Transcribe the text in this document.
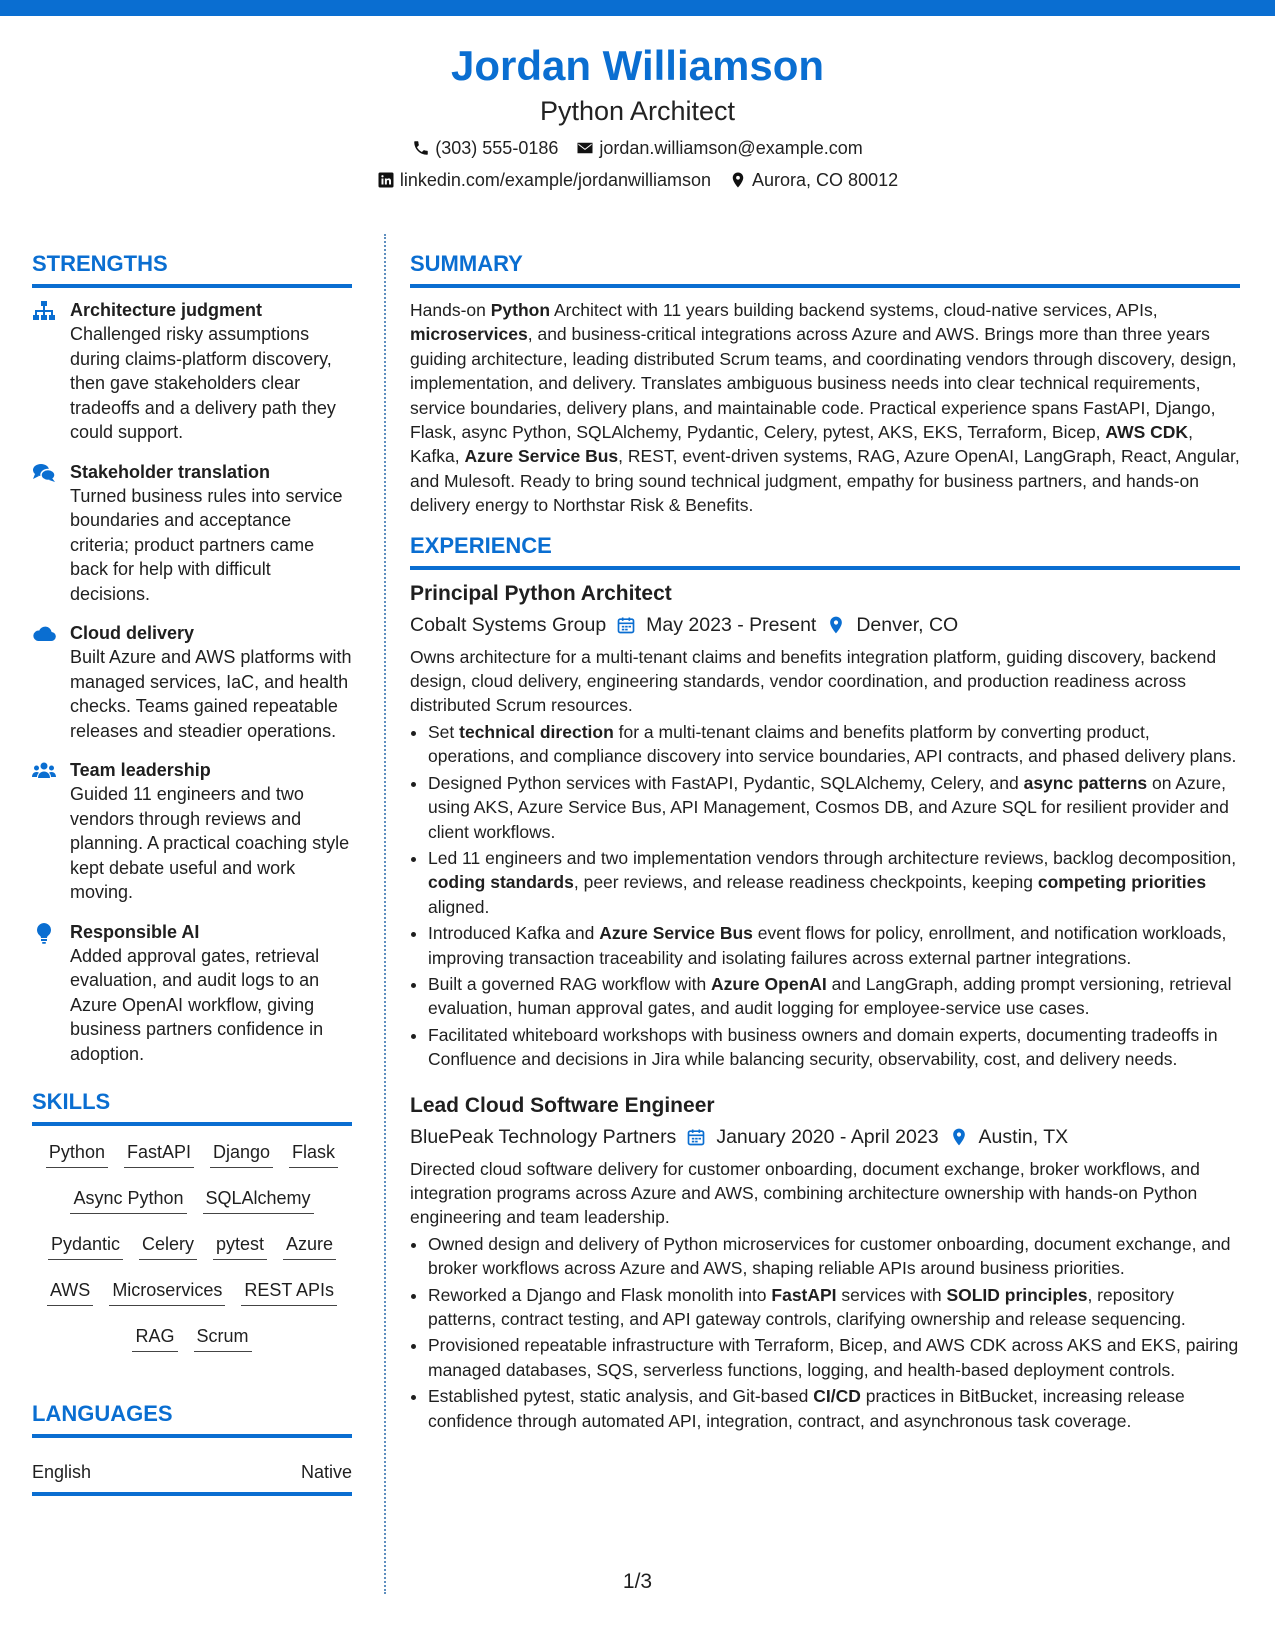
Jordan Williamson
Python Architect
(303) 555-0186 jordan.williamson@example.com
linkedin.com/example/jordanwilliamson Aurora, CO 80012
STRENGTHS
Architecture judgment
Challenged risky assumptions during claims-platform discovery, then gave stakeholders clear tradeoffs and a delivery path they could support.
Stakeholder translation
Turned business rules into service boundaries and acceptance criteria; product partners came back for help with difficult decisions.
Cloud delivery
Built Azure and AWS platforms with managed services, IaC, and health checks. Teams gained repeatable releases and steadier operations.
Team leadership
Guided 11 engineers and two vendors through reviews and planning. A practical coaching style kept debate useful and work moving.
Responsible AI
Added approval gates, retrieval evaluation, and audit logs to an Azure OpenAI workflow, giving business partners confidence in adoption.
SKILLS
Python FastAPI Django Flask
Async Python SQLAlchemy
Pydantic Celery pytest Azure
AWS Microservices REST APIs
RAG Scrum
LANGUAGES
English	Native
SUMMARY

Hands-on Python Architect with 11 years building backend systems, cloud-native services, APIs, microservices, and business-critical integrations across Azure and AWS. Brings more than three years guiding architecture, leading distributed Scrum teams, and coordinating vendors through discovery, design, implementation, and delivery. Translates ambiguous business needs into clear technical requirements, service boundaries, delivery plans, and maintainable code. Practical experience spans FastAPI, Django, Flask, async Python, SQLAlchemy, Pydantic, Celery, pytest, AKS, EKS, Terraform, Bicep, AWS CDK, Kafka, Azure Service Bus, REST, event-driven systems, RAG, Azure OpenAI, LangGraph, React, Angular, and Mulesoft. Ready to bring sound technical judgment, empathy for business partners, and hands-on delivery energy to Northstar Risk & Benefits.

EXPERIENCE
Principal Python Architect
Cobalt Systems Group May 2023 - Present Denver, CO

Owns architecture for a multi-tenant claims and benefits integration platform, guiding discovery, backend design, cloud delivery, engineering standards, vendor coordination, and production readiness across distributed Scrum resources.

• Set technical direction for a multi-tenant claims and benefits platform by converting product, operations, and compliance discovery into service boundaries, API contracts, and phased delivery plans.
• Designed Python services with FastAPI, Pydantic, SQLAlchemy, Celery, and async patterns on Azure, using AKS, Azure Service Bus, API Management, Cosmos DB, and Azure SQL for resilient provider and client workflows.
• Led 11 engineers and two implementation vendors through architecture reviews, backlog decomposition, coding standards, peer reviews, and release readiness checkpoints, keeping competing priorities aligned.
• Introduced Kafka and Azure Service Bus event flows for policy, enrollment, and notification workloads, improving transaction traceability and isolating failures across external partner integrations.
• Built a governed RAG workflow with Azure OpenAI and LangGraph, adding prompt versioning, retrieval evaluation, human approval gates, and audit logging for employee-service use cases.
• Facilitated whiteboard workshops with business owners and domain experts, documenting tradeoffs in Confluence and decisions in Jira while balancing security, observability, cost, and delivery needs.
Lead Cloud Software Engineer
BluePeak Technology Partners January 2020 - April 2023 Austin, TX

Directed cloud software delivery for customer onboarding, document exchange, broker workflows, and integration programs across Azure and AWS, combining architecture ownership with hands-on Python engineering and team leadership.

• Owned design and delivery of Python microservices for customer onboarding, document exchange, and broker workflows across Azure and AWS, shaping reliable APIs around business priorities.
• Reworked a Django and Flask monolith into FastAPI services with SOLID principles, repository patterns, contract testing, and API gateway controls, clarifying ownership and release sequencing.
• Provisioned repeatable infrastructure with Terraform, Bicep, and AWS CDK across AKS and EKS, pairing managed databases, SQS, serverless functions, logging, and health-based deployment controls.
• Established pytest, static analysis, and Git-based CI/CD practices in BitBucket, increasing release confidence through automated API, integration, contract, and asynchronous task coverage.
1/3
